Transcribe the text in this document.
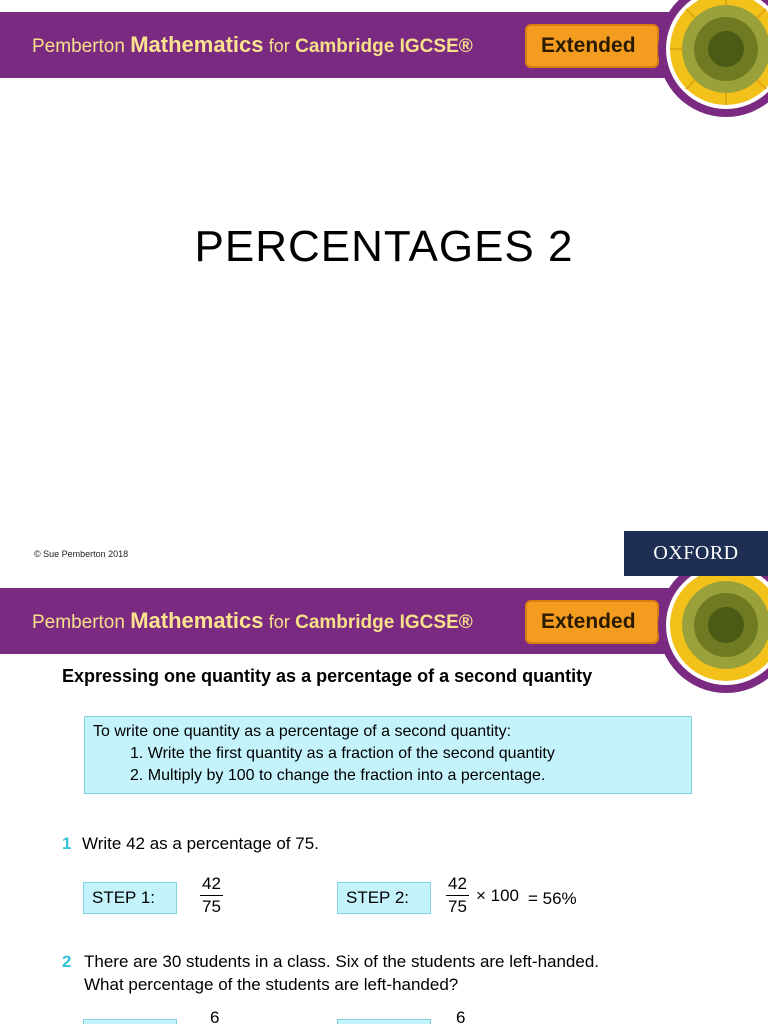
Pemberton Mathematics for Cambridge IGCSE®	Extended
PERCENTAGES 2
© Sue Pemberton 2018	OXFORD
Pemberton Mathematics for Cambridge IGCSE®	Extended
Expressing one quantity as a percentage of a second quantity
To write one quantity as a percentage of a second quantity:
1. Write the first quantity as a fraction of the second quantity
2. Multiply by 100 to change the fraction into a percentage.
1 Write 42 as a percentage of 75.
STEP 1:
42
75	STEP 2:
42
75
× 100 = 56%
2 There are 30 students in a class. Six of the students are left-handed.
What percentage of the students are left-handed?
6	6
